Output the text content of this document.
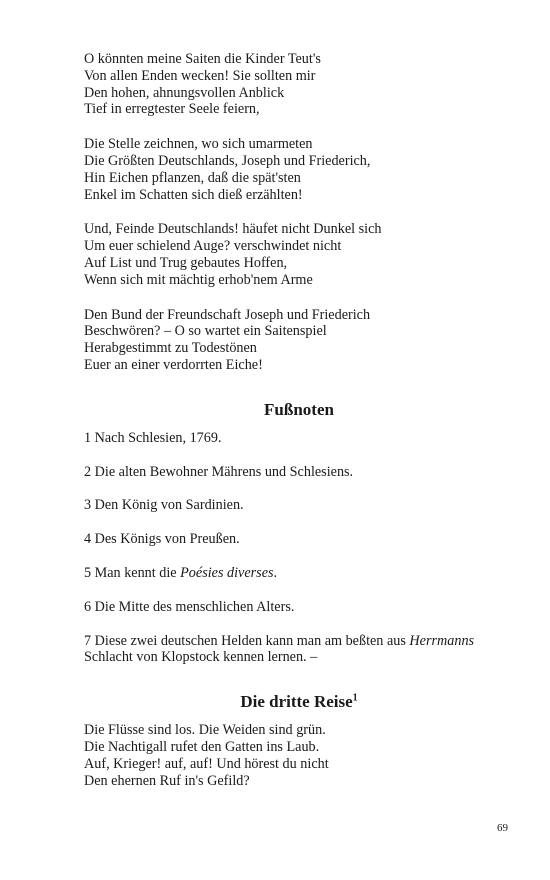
O könnten meine Saiten die Kinder Teut's
Von allen Enden wecken! Sie sollten mir
Den hohen, ahnungsvollen Anblick
Tief in erregtester Seele feiern,
Die Stelle zeichnen, wo sich umarmeten
Die Größten Deutschlands, Joseph und Friederich,
Hin Eichen pflanzen, daß die spät'sten
Enkel im Schatten sich dieß erzählten!
Und, Feinde Deutschlands! häufet nicht Dunkel sich
Um euer schielend Auge? verschwindet nicht
Auf List und Trug gebautes Hoffen,
Wenn sich mit mächtig erhob'nem Arme
Den Bund der Freundschaft Joseph und Friederich
Beschwören? – O so wartet ein Saitenspiel
Herabgestimmt zu Todestönen
Euer an einer verdorrten Eiche!
Fußnoten
1 Nach Schlesien, 1769.
2 Die alten Bewohner Mährens und Schlesiens.
3 Den König von Sardinien.
4 Des Königs von Preußen.
5 Man kennt die Poésies diverses.
6 Die Mitte des menschlichen Alters.
7 Diese zwei deutschen Helden kann man am beßten aus Herrmanns
Schlacht von Klopstock kennen lernen. –
Die dritte Reise$^1$
Die Flüsse sind los. Die Weiden sind grün.
Die Nachtigall rufet den Gatten ins Laub.
Auf, Krieger! auf, auf! Und hörest du nicht
Den ehernen Ruf in's Gefild?
69
